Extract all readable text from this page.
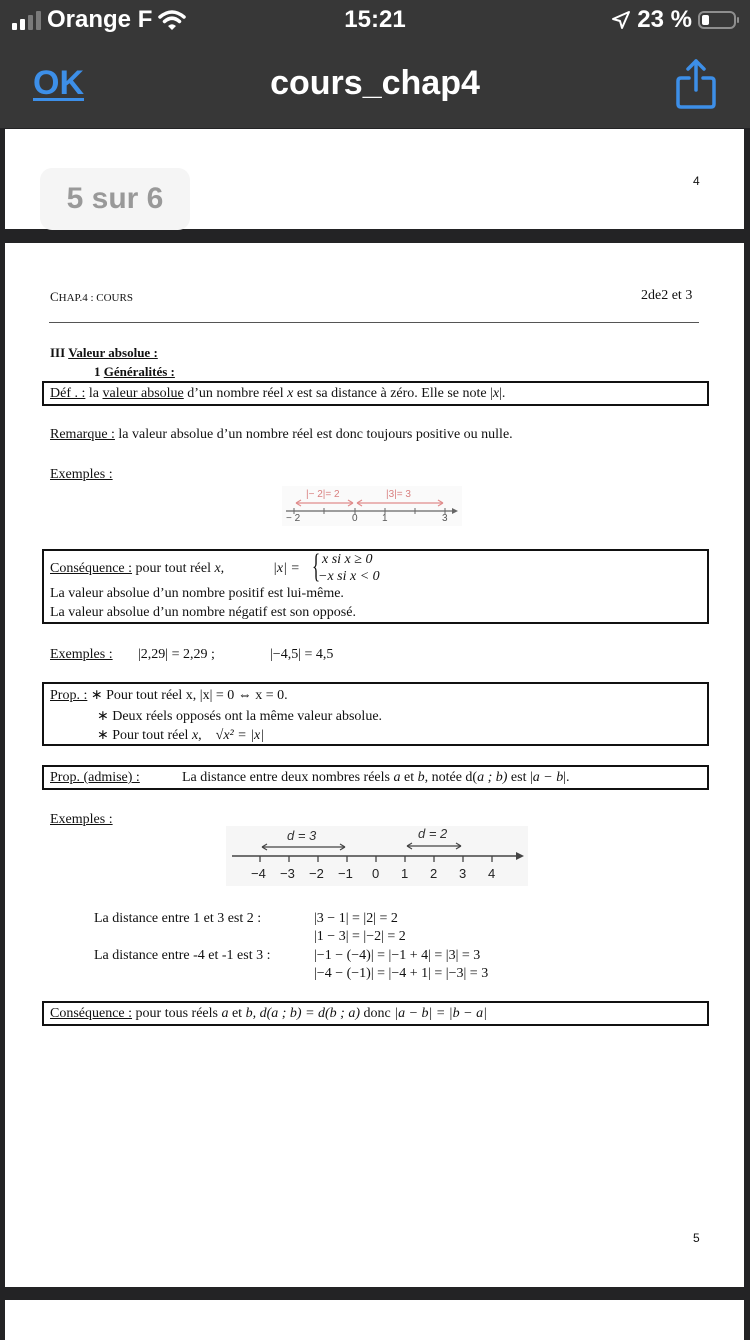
Orange F	15:21	23 %
OK	cours_chap4
4
5 sur 6
CHAP.4 : COURS	2de2 et 3
III Valeur absolue :
1 Généralités :
Déf . : la valeur absolue d’un nombre réel x est sa distance à zéro. Elle se note |x|.
Remarque : la valeur absolue d’un nombre réel est donc toujours positive ou nulle.
Exemples :
|− 2|= 2	|3|= 3
− 2	0 1	3
Conséquence : pour tout réel x,	|x| = { x si x ≥ 0
−x si x < 0
La valeur absolue d’un nombre positif est lui-même.
La valeur absolue d’un nombre négatif est son opposé.
Exemples : |2,29| = 2,29 ;	|−4,5| = 4,5
Prop. : ∗ Pour tout réel x, |x| = 0 ⇔ x = 0.
∗ Deux réels opposés ont la même valeur absolue.
∗ Pour tout réel x, √x² = |x|
Prop. (admise) :	La distance entre deux nombres réels a et b, notée d(a ; b) est |a − b|.
Exemples :
d = 3	d = 2
−4 −3 −2 −1 0 1 2 3 4
La distance entre 1 et 3 est 2 :	|3 − 1| = |2| = 2
|1 − 3| = |−2| = 2
La distance entre -4 et -1 est 3 :	|−1 − (−4)| = |−1 + 4| = |3| = 3
|−4 − (−1)| = |−4 + 1| = |−3| = 3
Conséquence : pour tous réels a et b, d(a ; b) = d(b ; a) donc |a − b| = |b − a|
5
